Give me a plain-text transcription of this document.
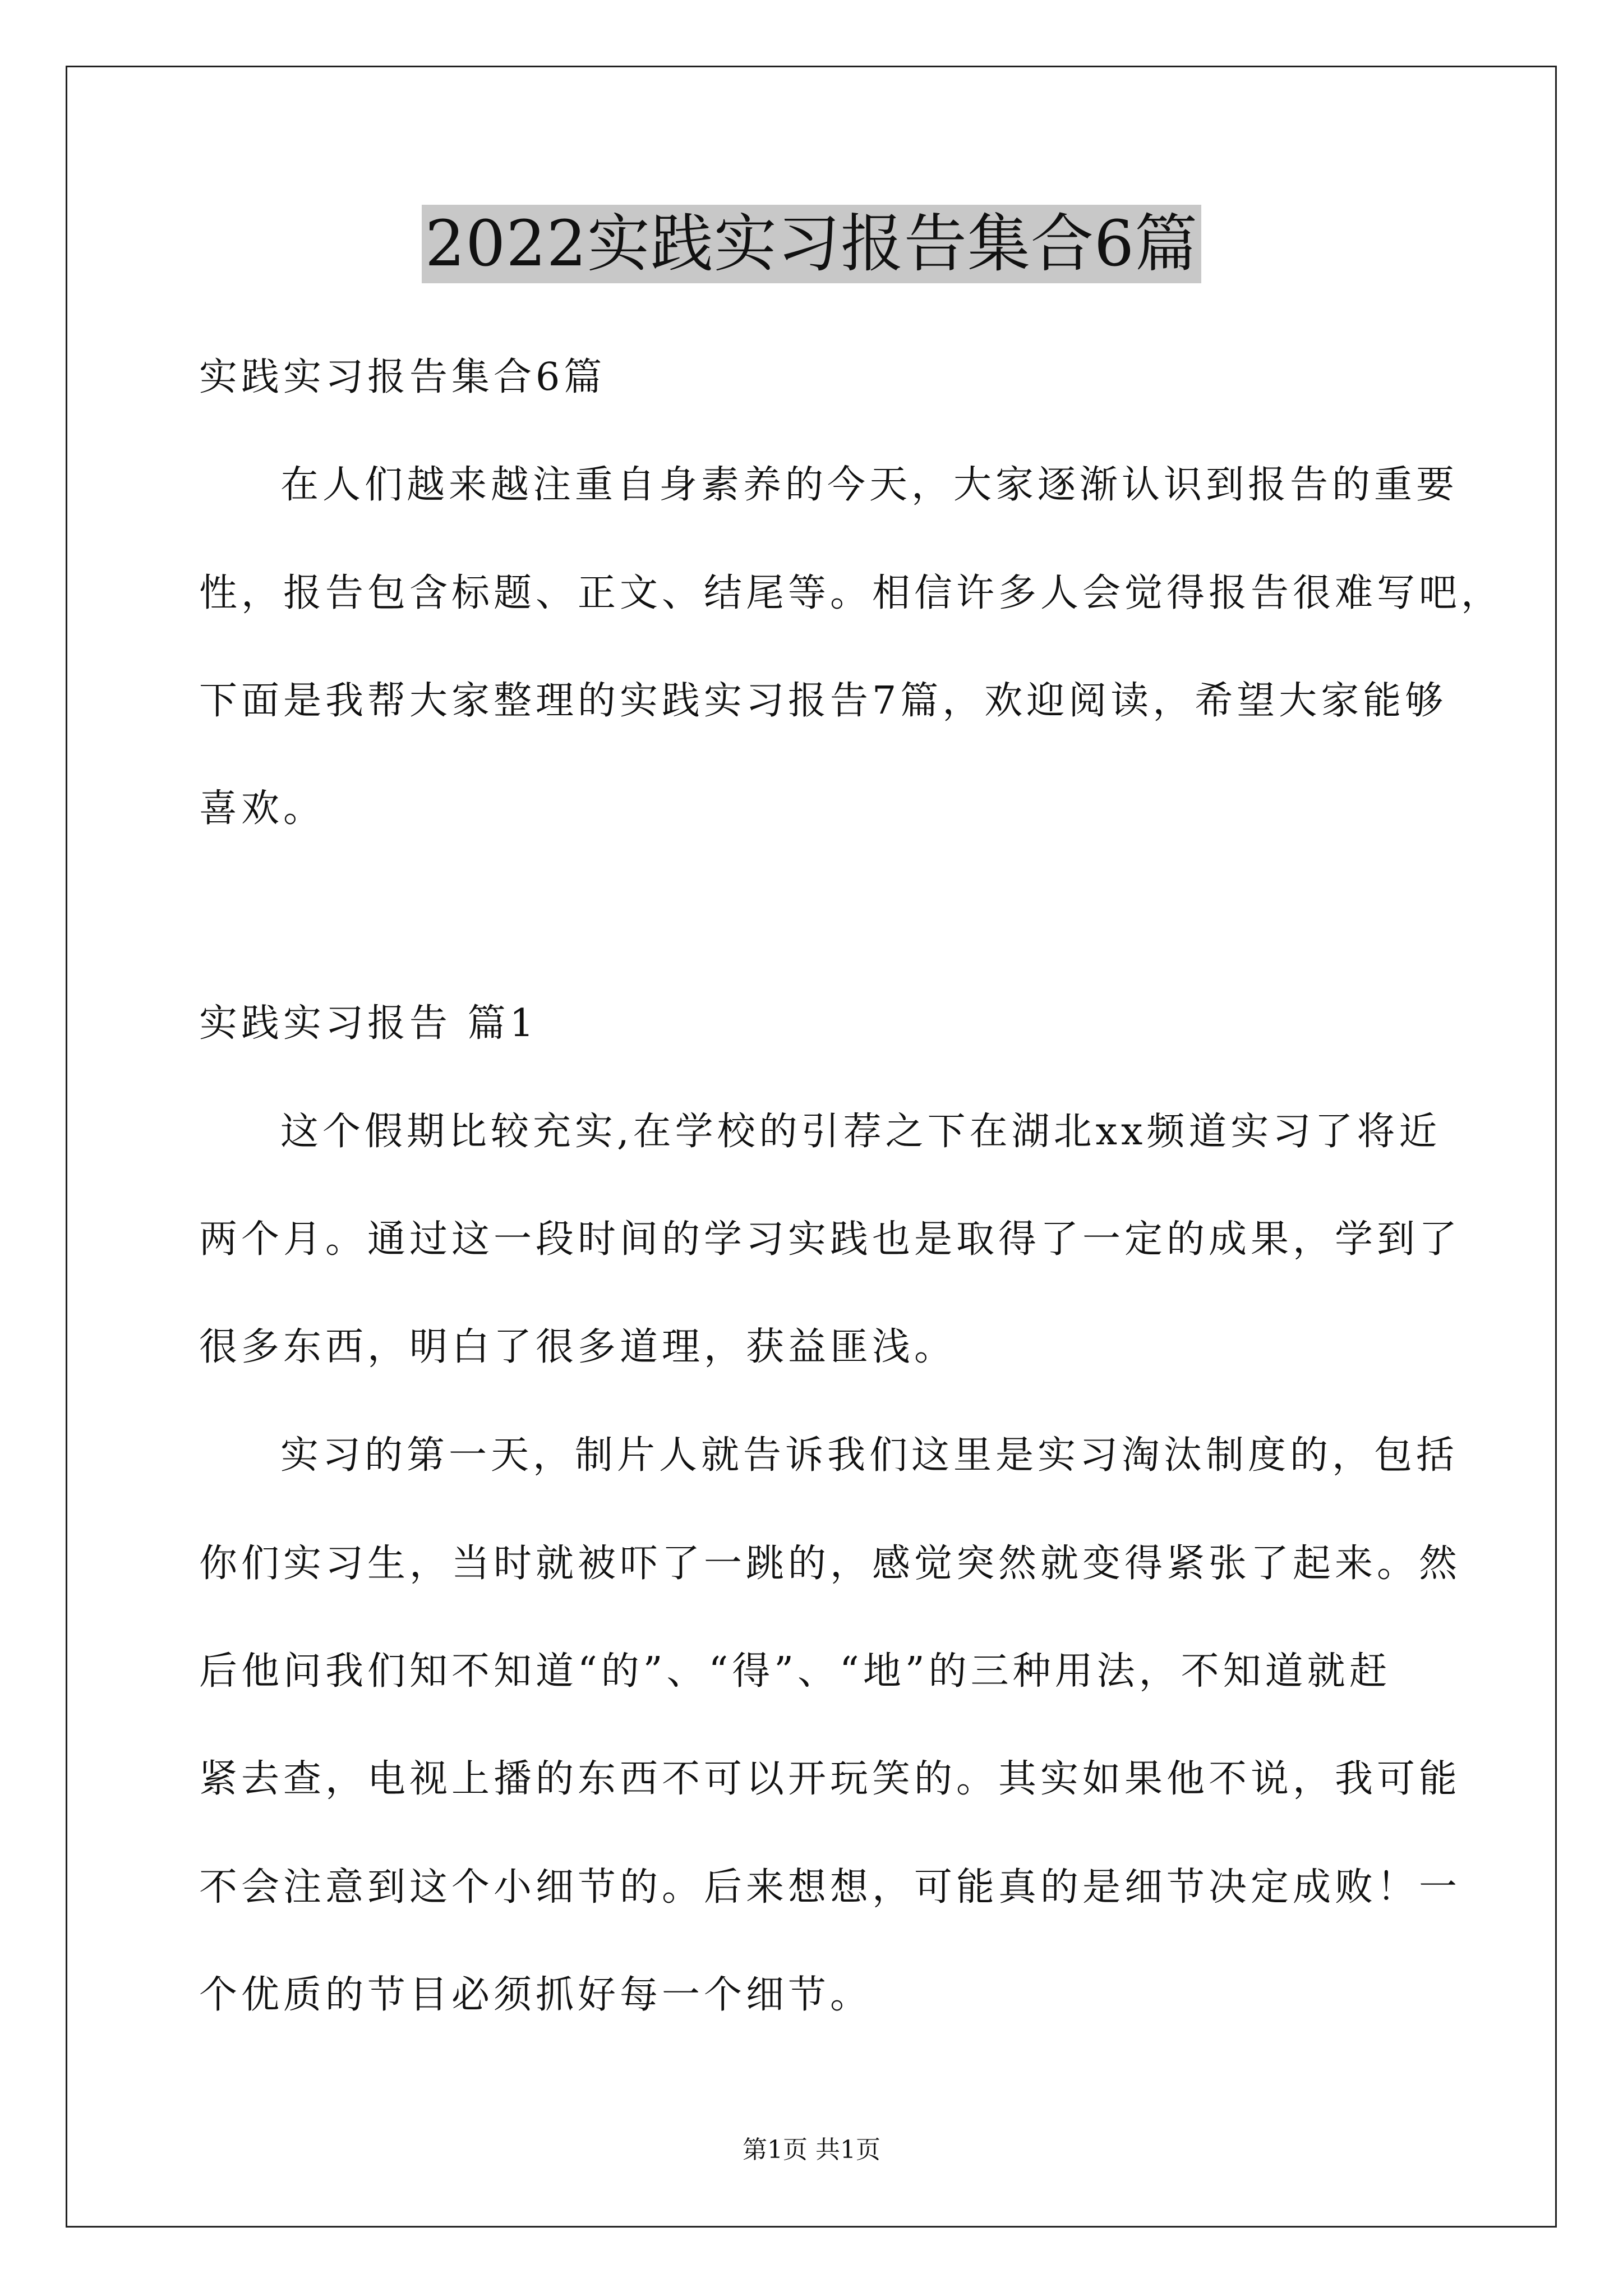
2022实践实习报告集合6篇
实践实习报告集合6篇
在人们越来越注重自身素养的今天，大家逐渐认识到报告的重要
性，报告包含标题、正文、结尾等。相信许多人会觉得报告很难写吧，
下面是我帮大家整理的实践实习报告7篇，欢迎阅读，希望大家能够
喜欢。
实践实习报告 篇1
这个假期比较充实,在学校的引荐之下在湖北xx频道实习了将近
两个月。通过这一段时间的学习实践也是取得了一定的成果，学到了
很多东西，明白了很多道理，获益匪浅。
实习的第一天，制片人就告诉我们这里是实习淘汰制度的，包括
你们实习生，当时就被吓了一跳的，感觉突然就变得紧张了起来。然
后他问我们知不知道“的”、“得”、“地”的三种用法，不知道就赶
紧去查，电视上播的东西不可以开玩笑的。其实如果他不说，我可能
不会注意到这个小细节的。后来想想，可能真的是细节决定成败！一
个优质的节目必须抓好每一个细节。
第1页 共1页
